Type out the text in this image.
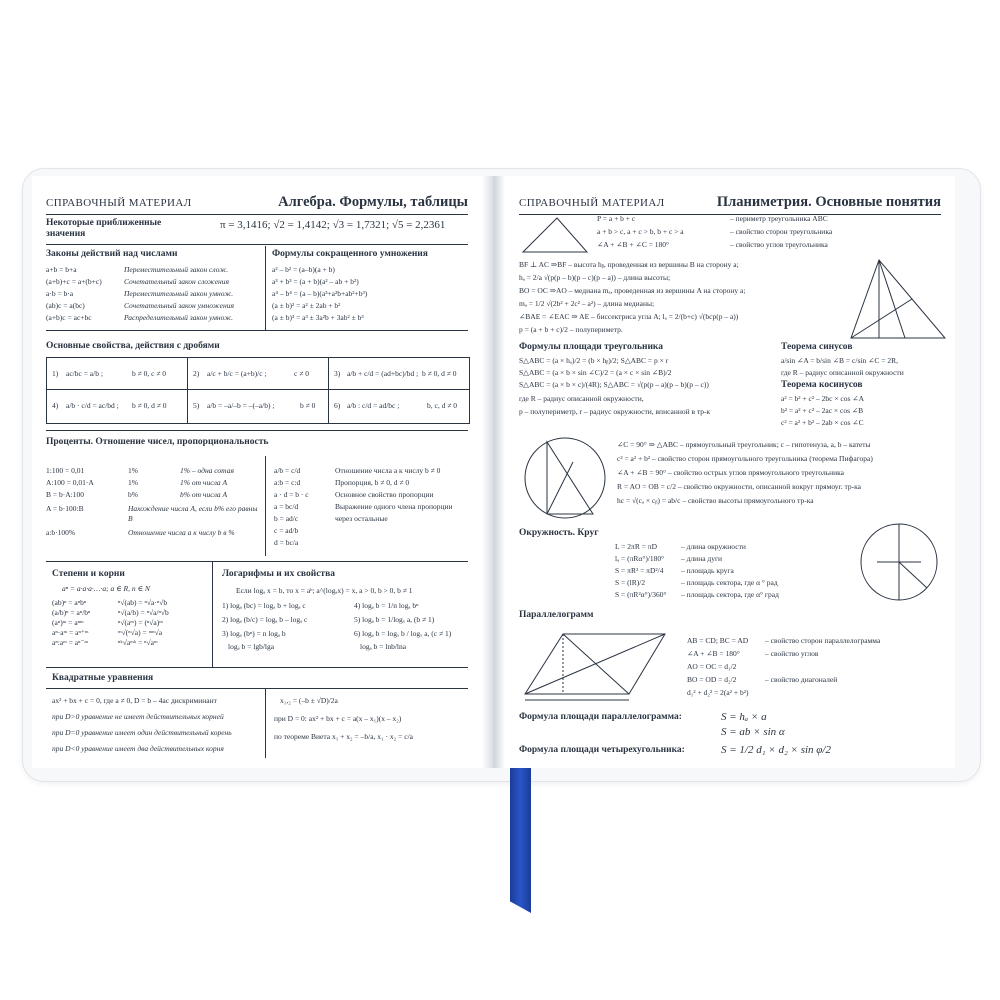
СПРАВОЧНЫЙ МАТЕРИАЛ	Алгебра. Формулы, таблицы
Некоторые приближенные
значения
π = 3,1416; √2 = 1,4142; √3 = 1,7321; √5 = 2,2361
Законы действий над числами
a+b = b+a	Переместительный закон слож.
(a+b)+c = a+(b+c)	Сочетательный закон сложения
a·b = b·a	Переместительный закон умнож.
(ab)c = a(bc)	Сочетательный закон умножения
(a+b)c = ac+bc	Распределительный закон умнож.
Формулы сокращенного умножения
a² – b² = (a–b)(a + b)
a³ + b³ = (a + b)(a² – ab + b²)
a⁴ – b⁴ = (a – b)(a³+a²b+ab²+b³)
(a ± b)² = a² ± 2ab + b²
(a ± b)³ = a³ ± 3a²b + 3ab² ± b³
Основные свойства, действия с дробями
1) ac/bc = a/b ;	b ≠ 0, c ≠ 0	2) a/c + b/c = (a+b)/c ;	c ≠ 0	3) a/b + c/d = (ad+bc)/bd ; b ≠ 0, d ≠ 0
4) a/b · c/d = ac/bd ; b ≠ 0, d ≠ 0	5) a/b = –a/–b = –(–a/b) ;	b ≠ 0 6) a/b : c/d = ad/bc ;	b, c, d ≠ 0
Проценты. Отношение чисел, пропорциональность
1:100 = 0,01	1%	1% – одна сотая
A:100 = 0,01·A	1%	1% от числа A
B = b·A:100	b%	b% от числа A
A = b·100:B	Нахождение числа A, если b% его равны B
a:b·100%	Отношение числа a к числу b в %
a/b = c/d	Отношение числа a к числу b ≠ 0
a:b = c:d	Пропорция, b ≠ 0, d ≠ 0
a · d = b · c	Основное свойство пропорции
a = bc/d	Выражение одного члена пропорции
b = ad/c	через остальные
c = ad/b
d = bc/a
Степени и корни
aⁿ = a·a·a·…·a; a ∈ R, n ∈ N
(ab)ⁿ = aⁿbⁿ
(a/b)ⁿ = aⁿ/bⁿ
(aⁿ)ᵐ = aⁿᵐ
aⁿ·aᵐ = aⁿ⁺ᵐ
aⁿ:aᵐ = aⁿ⁻ᵐ
ⁿ√(ab) = ⁿ√a·ⁿ√b
ⁿ√(a/b) = ⁿ√a/ⁿ√b
ⁿ√(aᵐ) = (ⁿ√a)ᵐ
ᵐ√(ⁿ√a) = ᵐⁿ√a
ⁿᵏ√aᵐᵏ = ⁿ√aᵐ
Логарифмы и их свойства
Если logₐ x = b, то x = aᵇ; a^(logₐx) = x, a > 0, b > 0, b ≠ 1
1) logₐ (bc) = logₐ b + logₐ c
2) logₐ (b/c) = logₐ b – logₐ c
3) logₐ (bⁿ) = n logₐ b
logₐ b = lgb/lga
4) logₐ b = 1/n logₐ bⁿ
5) logₐ b = 1/logₓ a, (b ≠ 1)
6) logₐ b = logₓ b / logₓ a, (c ≠ 1)
logₐ b = lnb/lna
Квадратные уравнения
ax² + bx + c = 0, где a ≠ 0, D = b – 4ac дискриминант
при D>0 уравнение не имеет действительных корней
при D=0 уравнение имеет один действительный корень
при D<0 уравнение имеет два действительных корня
x₁,₂ = (–b ± √D)/2a
при D = 0: ax² + bx + c = a(x – x₁)(x – x₂)
по теореме Виета x₁ + x₂ = –b/a, x₁ · x₂ = c/a
СПРАВОЧНЫЙ МАТЕРИАЛ	Планиметрия. Основные понятия
P = a + b + c	– периметр треугольника ABC
a + b > c, a + c > b, b + c > a	– свойство сторон треугольника
∠A + ∠B + ∠C = 180°	– свойство углов треугольника
BF ⊥ AC ⇒BF – высота hᵦ, проведенная из вершины B на сторону a;
hₐ = 2/a √(p(p – b)(p – c)(p – a)) – длина высоты;
BO = OC ⇒AO – медиана mₐ, проведенная из вершины A на сторону a;
mₐ = 1/2 √(2b² + 2c² – a²) – длина медианы;
∠BAE = ∠EAC ⇒ AE – биссектриса угла A; lₐ = 2/(b+c) √(bcp(p – a))
p = (a + b + c)/2 – полупериметр.
Формулы площади треугольника
S△ABC = (a × hₐ)/2 = (b × hᵦ)/2; S△ABC = p × r
S△ABC = (a × b × sin ∠C)/2 = (a × c × sin ∠B)/2
S△ABC = (a × b × c)/(4R); S△ABC = √(p(p – a)(p – b)(p – c))
где R – радиус описанной окружности,
p – полупериметр, r – радиус окружности, вписанной в тр-к
Теорема синусов
a/sin ∠A = b/sin ∠B = c/sin ∠C = 2R,
где R – радиус описанной окружности
Теорема косинусов
a² = b² + c² – 2bc × cos ∠A
b² = a² + c² – 2ac × cos ∠B
c² = a² + b² – 2ab × cos ∠C
∠C = 90° ⇒ △ABC – прямоугольный треугольник; c – гипотенуза, a, b – катеты
c² = a² + b² – свойство сторон прямоугольного треугольника (теорема Пифагора)
∠A + ∠B = 90° – свойство острых углов прямоугольного треугольника
R = AO = OB = c/2 – свойство окружности, описанной вокруг прямоуг. тр-ка
hc = √(cₐ × cᵦ) = ab/c – свойство высоты прямоугольного тр-ка
Окружность. Круг
L = 2πR = πD	– длина окружности
lₐ = (πRα°)/180° – длина дуги
S = πR² = πD²/4 – площадь круга
S = (lR)/2	– площадь сектора, где α ° рад
S = (πR²α°)/360° – площадь сектора, где α° град
Параллелограмм
AB = CD; BC = AD – свойство сторон параллелограмма
∠A + ∠B = 180°	– свойство углов
AO = OC = d₁/2
BO = OD = d₂/2	– свойство диагоналей
d₁² + d₂² = 2(a² + b²)
Формула площади параллелограмма:	S = hₐ × a
S = ab × sin α
Формула площади четырехугольника:	S = 1/2 d₁ × d₂ × sin φ/2
